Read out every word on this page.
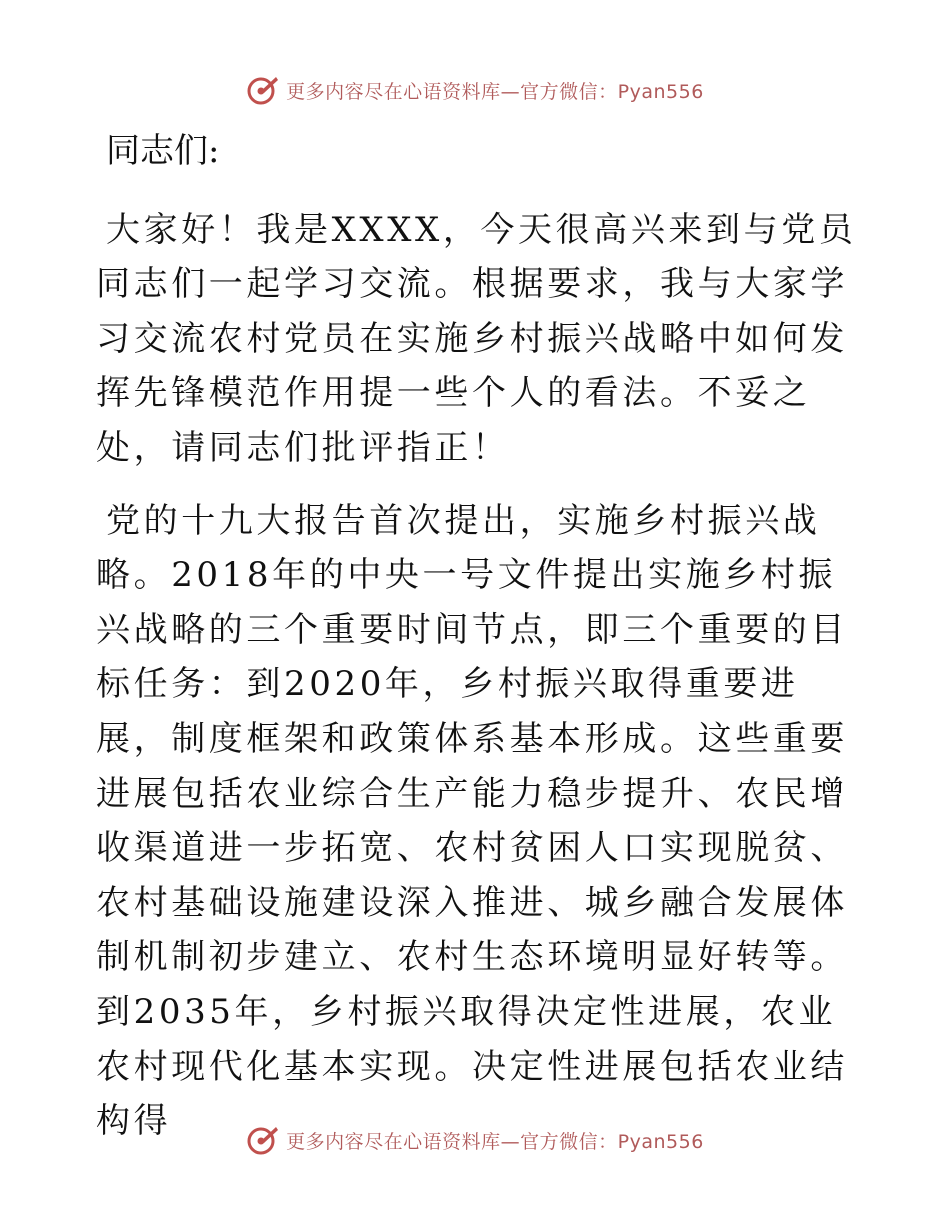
更多内容尽在心语资料库—官方微信：Pyan556
同志们:

大家好！我是XXXX，今天很高兴来到与党员同志们一起学习交流。根据要求，我与大家学习交流农村党员在实施乡村振兴战略中如何发挥先锋模范作用提一些个人的看法。不妥之处，请同志们批评指正！

党的十九大报告首次提出，实施乡村振兴战略。2018年的中央一号文件提出实施乡村振兴战略的三个重要时间节点，即三个重要的目标任务：到2020年，乡村振兴取得重要进展，制度框架和政策体系基本形成。这些重要进展包括农业综合生产能力稳步提升、农民增收渠道进一步拓宽、农村贫困人口实现脱贫、农村基础设施建设深入推进、城乡融合发展体制机制初步建立、农村生态环境明显好转等。到2035年，乡村振兴取得决定性进展，农业农村现代化基本实现。决定性进展包括农业结构得

更多内容尽在心语资料库—官方微信：Pyan556
